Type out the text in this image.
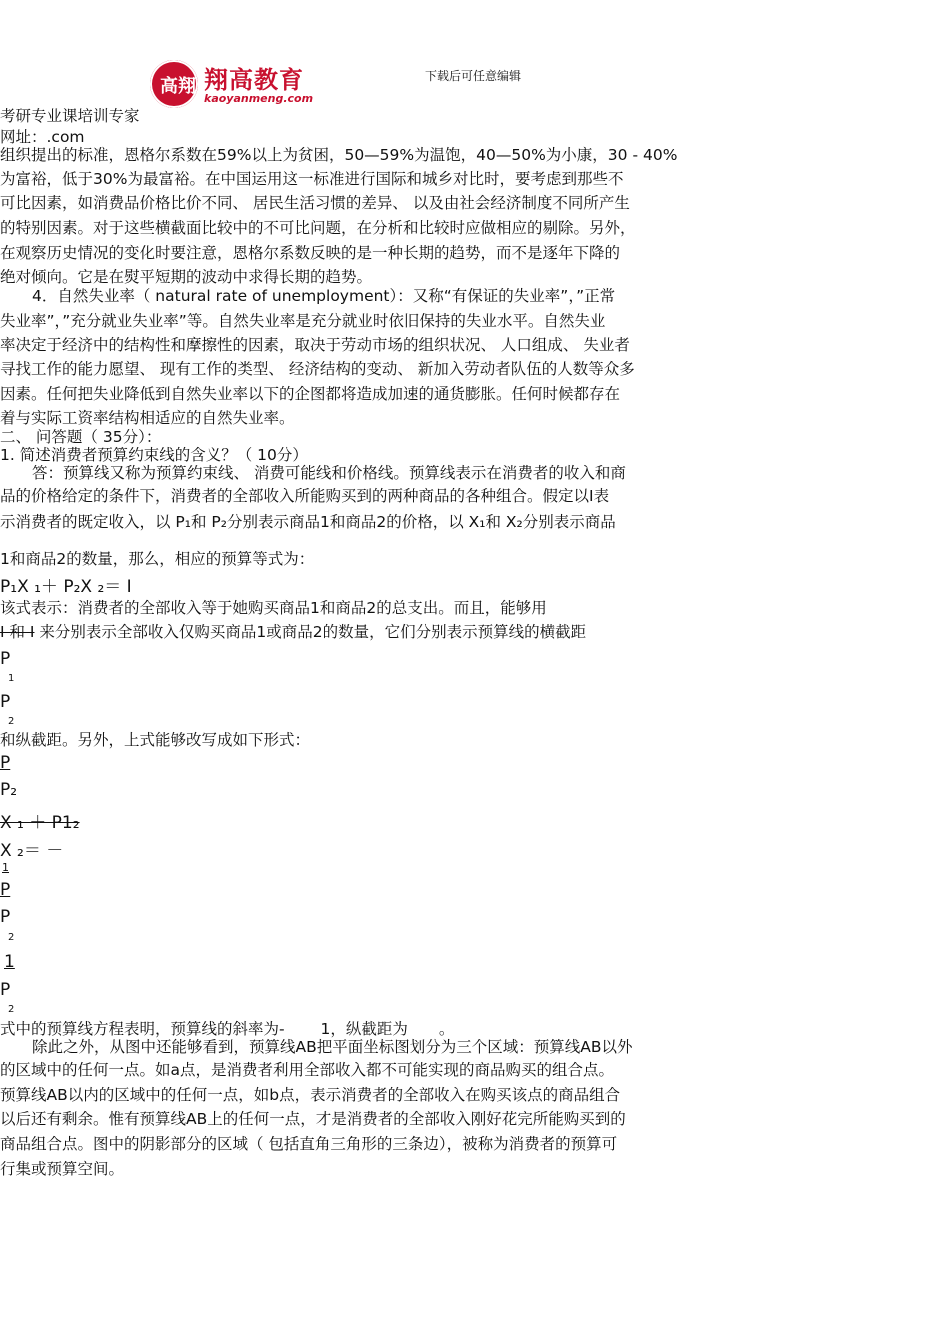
高翔 翔高教育
kaoyanmeng.com
下载后可任意编辑
考研专业课培训专家
网址：.com
组织提出的标准，恩格尔系数在59%以上为贫困，50—59%为温饱，40—50%为小康，30 - 40%
为富裕，低于30%为最富裕。在中国运用这一标准进行国际和城乡对比时，要考虑到那些不
可比因素，如消费品价格比价不同、 居民生活习惯的差异、 以及由社会经济制度不同所产生
的特别因素。对于这些横截面比较中的不可比问题，在分析和比较时应做相应的剔除。另外，
在观察历史情况的变化时要注意，恩格尔系数反映的是一种长期的趋势，而不是逐年下降的
绝对倾向。它是在熨平短期的波动中求得长期的趋势。
4．自然失业率（ natural rate of unemployment）：又称“有保证的失业率”，”正常
失业率”，”充分就业失业率”等。自然失业率是充分就业时依旧保持的失业水平。自然失业
率决定于经济中的结构性和摩擦性的因素，取决于劳动市场的组织状况、 人口组成、 失业者
寻找工作的能力愿望、 现有工作的类型、 经济结构的变动、 新加入劳动者队伍的人数等众多
因素。任何把失业降低到自然失业率以下的企图都将造成加速的通货膨胀。任何时候都存在
着与实际工资率结构相适应的自然失业率。
二、 问答题（ 35分）：
1. 简述消费者预算约束线的含义？（ 10分）
答：预算线又称为预算约束线、 消费可能线和价格线。预算线表示在消费者的收入和商
品的价格给定的条件下，消费者的全部收入所能购买到的两种商品的各种组合。假定以I表
示消费者的既定收入，以 P₁和 P₂分别表示商品1和商品2的价格，以 X₁和 X₂分别表示商品
1和商品2的数量，那么，相应的预算等式为：
P₁X ₁＋ P₂X ₂＝ I
该式表示：消费者的全部收入等于她购买商品1和商品2的总支出。而且，能够用
I 和 I 来分别表示全部收入仅购买商品1或商品2的数量，它们分别表示预算线的横截距
P
1
P
2
和纵截距。另外，上式能够改写成如下形式：
P
P₂
X ₁ ＋ P1₂
X ₂＝ －
1
P
P
2
1
P
2
式中的预算线方程表明，预算线的斜率为-　　 1，纵截距为　　。
除此之外，从图中还能够看到，预算线AB把平面坐标图划分为三个区域：预算线AB以外
的区域中的任何一点。如a点，是消费者利用全部收入都不可能实现的商品购买的组合点。
预算线AB以内的区域中的任何一点，如b点，表示消费者的全部收入在购买该点的商品组合
以后还有剩余。惟有预算线AB上的任何一点，才是消费者的全部收入刚好花完所能购买到的
商品组合点。图中的阴影部分的区域（ 包括直角三角形的三条边），被称为消费者的预算可
行集或预算空间。
